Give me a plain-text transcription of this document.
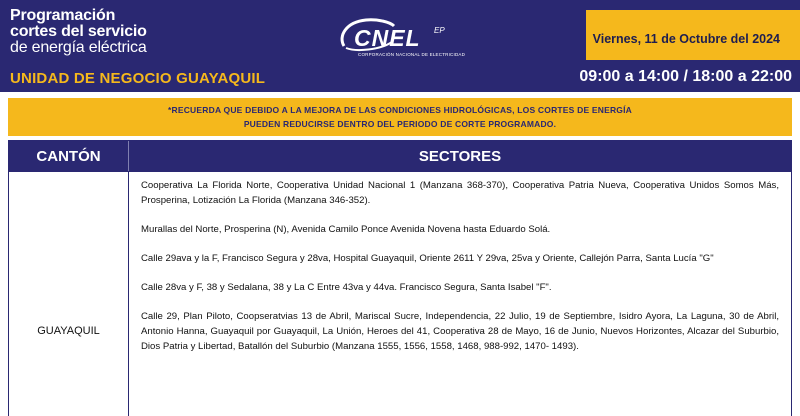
Programación
cortes del servicio
de energía eléctrica
UNIDAD DE NEGOCIO GUAYAQUIL
CNEL EP
CORPORACIÓN NACIONAL DE ELECTRICIDAD
Viernes, 11 de Octubre del 2024
09:00 a 14:00 / 18:00 a 22:00
*RECUERDA QUE DEBIDO A LA MEJORA DE LAS CONDICIONES HIDROLÓGICAS, LOS CORTES DE ENERGÍA
PUEDEN REDUCIRSE DENTRO DEL PERIODO DE CORTE PROGRAMADO.
CANTÓN	SECTORES
GUAYAQUIL

Cooperativa La Florida Norte, Cooperativa Unidad Nacional 1 (Manzana 368-370), Cooperativa Patria Nueva, Cooperativa Unidos Somos Más, Prosperina, Lotización La Florida (Manzana 346-352).

Murallas del Norte, Prosperina (N), Avenida Camilo Ponce Avenida Novena hasta Eduardo Solá.

Calle 29ava y la F, Francisco Segura y 28va, Hospital Guayaquil, Oriente 2611 Y 29va, 25va y Oriente, Callejón Parra, Santa Lucía "G"

Calle 28va y F, 38 y Sedalana, 38 y La C Entre 43va y 44va. Francisco Segura, Santa Isabel "F".

Calle 29, Plan Piloto, Coopseratvias 13 de Abril, Mariscal Sucre, Independencia, 22 Julio, 19 de Septiembre, Isidro Ayora, La Laguna, 30 de Abril, Antonio Hanna, Guayaquil por Guayaquil, La Unión, Heroes del 41, Cooperativa 28 de Mayo, 16 de Junio, Nuevos Horizontes, Alcazar del Suburbio, Dios Patria y Libertad, Batallón del Suburbio (Manzana 1555, 1556, 1558, 1468, 988-992, 1470- 1493).
